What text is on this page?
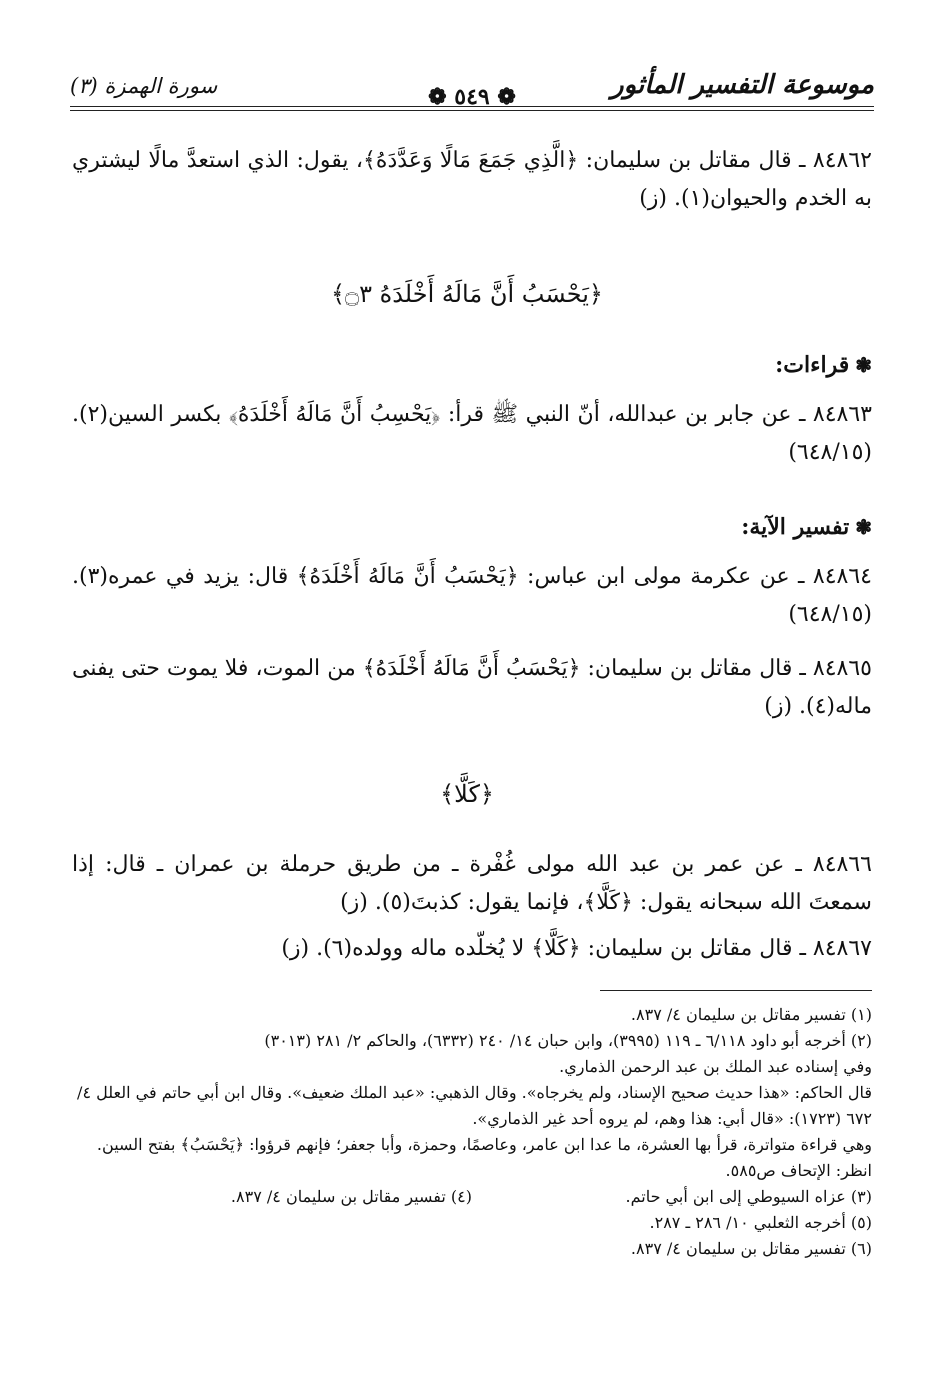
موسوعة التفسير المأثور
❁ ٥٤٩ ❁
سورة الهمزة (٣)
٨٤٨٦٢ ـ قال مقاتل بن سليمان: ﴿الَّذِي جَمَعَ مَالًا وَعَدَّدَهُ﴾، يقول: الذي استعدَّ مالًا ليشتري به الخدم والحيوان(١). (ز)
﴿يَحْسَبُ أَنَّ مَالَهُ أَخْلَدَهُ ۝٣﴾
❃قراءات:
٨٤٨٦٣ ـ عن جابر بن عبدالله، أنّ النبي ﷺ قرأ: ﴿يَحْسِبُ أَنَّ مَالَهُ أَخْلَدَهُ﴾ بكسر السين(٢). (٦٤٨/١٥)
❃تفسير الآية:
٨٤٨٦٤ ـ عن عكرمة مولى ابن عباس: ﴿يَحْسَبُ أَنَّ مَالَهُ أَخْلَدَهُ﴾ قال: يزيد في عمره(٣). (٦٤٨/١٥)
٨٤٨٦٥ ـ قال مقاتل بن سليمان: ﴿يَحْسَبُ أَنَّ مَالَهُ أَخْلَدَهُ﴾ من الموت، فلا يموت حتى يفنى ماله(٤). (ز)
﴿كَلَّا﴾
٨٤٨٦٦ ـ عن عمر بن عبد الله مولى غُفْرة ـ من طريق حرملة بن عمران ـ قال: إذا سمعتَ الله سبحانه يقول: ﴿كَلَّا﴾، فإنما يقول: كذبتَ(٥). (ز)
٨٤٨٦٧ ـ قال مقاتل بن سليمان: ﴿كَلَّا﴾ لا يُخلّده ماله وولده(٦). (ز)

(١) تفسير مقاتل بن سليمان ٤/ ٨٣٧.

(٢) أخرجه أبو داود ٦/١١٨ ـ ١١٩ (٣٩٩٥)، وابن حبان ١٤/ ٢٤٠ (٦٣٣٢)، والحاكم ٢/ ٢٨١ (٣٠١٣)

وفي إسناده عبد الملك بن عبد الرحمن الذماري.

قال الحاكم: «هذا حديث صحيح الإسناد، ولم يخرجاه». وقال الذهبي: «عبد الملك ضعيف». وقال ابن أبي حاتم في العلل ٤/ ٦٧٢ (١٧٢٣): «قال أبي: هذا وهم، لم يروه أحد غير الذماري».

وهي قراءة متواترة، قرأ بها العشرة، ما عدا ابن عامر، وعاصمًا، وحمزة، وأبا جعفر؛ فإنهم قرؤوا: ﴿يَحْسَبُ﴾ بفتح السين. انظر: الإتحاف ص٥٨٥.

(٣) عزاه السيوطي إلى ابن أبي حاتم.

(٤) تفسير مقاتل بن سليمان ٤/ ٨٣٧.

(٥) أخرجه الثعلبي ١٠/ ٢٨٦ ـ ٢٨٧.

(٦) تفسير مقاتل بن سليمان ٤/ ٨٣٧.
